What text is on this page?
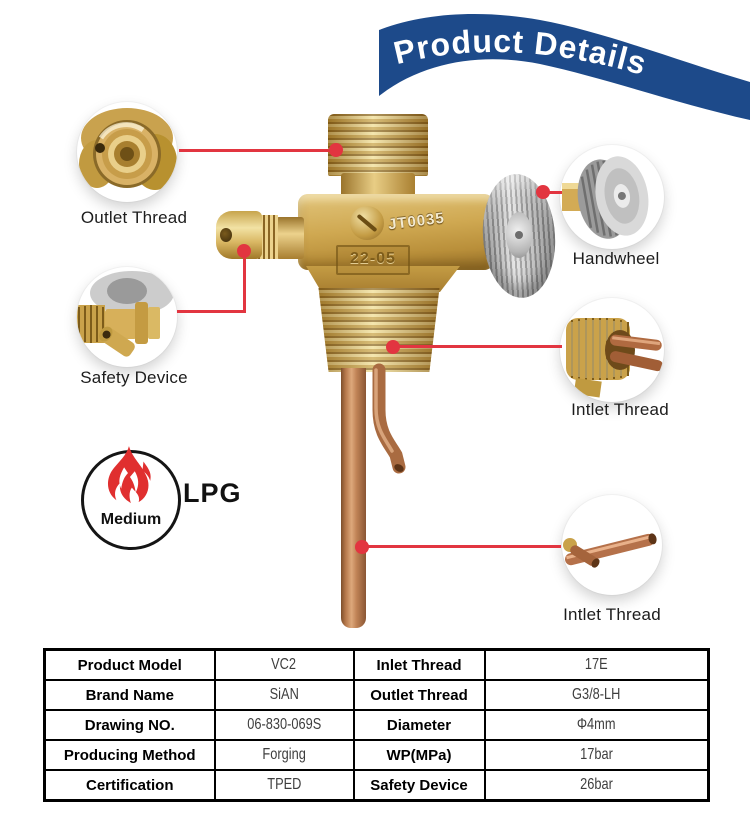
Product Details
JT0035
22-05
Outlet Thread
Safety Device
Handwheel
Intlet Thread
Intlet Thread
Medium
LPG
Product Model	VC2	Inlet Thread	17E
Brand Name	SiAN	Outlet Thread	G3/8-LH
Drawing NO.	06-830-069S	Diameter	Φ4mm
Producing Method	Forging	WP(MPa)	17bar
Certification	TPED	Safety Device	26bar
